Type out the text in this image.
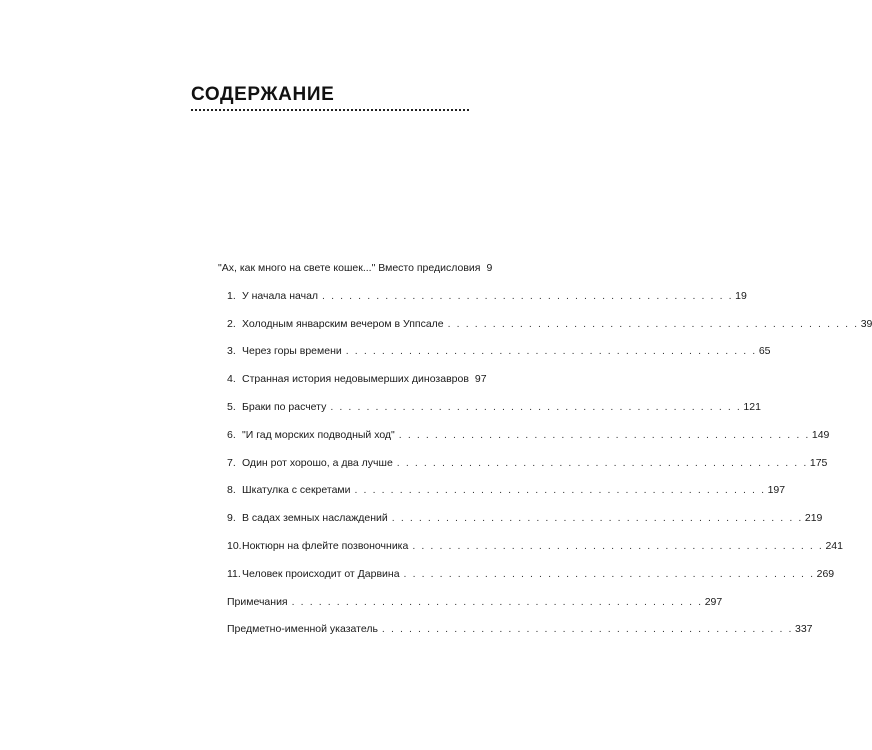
СОДЕРЖАНИЕ
"Ах, как много на свете кошек..." Вместо предисловия 9
1. У начала начал . . . . . . . . . . . . . . . . . . . . . . . . . . . . . . . . . . . . . . . . . . . . . . 19
2. Холодным январским вечером в Уппсале . . . . . . . . . . . . . . . . . . . . . . . . . . . . . . . . . . . . . . . . . . . . . . 39
3. Через горы времени . . . . . . . . . . . . . . . . . . . . . . . . . . . . . . . . . . . . . . . . . . . . . . 65
4. Странная история недовымерших динозавров 97
5. Браки по расчету . . . . . . . . . . . . . . . . . . . . . . . . . . . . . . . . . . . . . . . . . . . . . . 121
6. "И гад морских подводный ход" . . . . . . . . . . . . . . . . . . . . . . . . . . . . . . . . . . . . . . . . . . . . . . 149
7. Один рот хорошо, а два лучше . . . . . . . . . . . . . . . . . . . . . . . . . . . . . . . . . . . . . . . . . . . . . . 175
8. Шкатулка с секретами . . . . . . . . . . . . . . . . . . . . . . . . . . . . . . . . . . . . . . . . . . . . . . 197
9. В садах земных наслаждений . . . . . . . . . . . . . . . . . . . . . . . . . . . . . . . . . . . . . . . . . . . . . . 219
10. Ноктюрн на флейте позвоночника . . . . . . . . . . . . . . . . . . . . . . . . . . . . . . . . . . . . . . . . . . . . . . 241
11. Человек происходит от Дарвина . . . . . . . . . . . . . . . . . . . . . . . . . . . . . . . . . . . . . . . . . . . . . . 269
Примечания . . . . . . . . . . . . . . . . . . . . . . . . . . . . . . . . . . . . . . . . . . . . . . 297
Предметно-именной указатель . . . . . . . . . . . . . . . . . . . . . . . . . . . . . . . . . . . . . . . . . . . . . . 337
